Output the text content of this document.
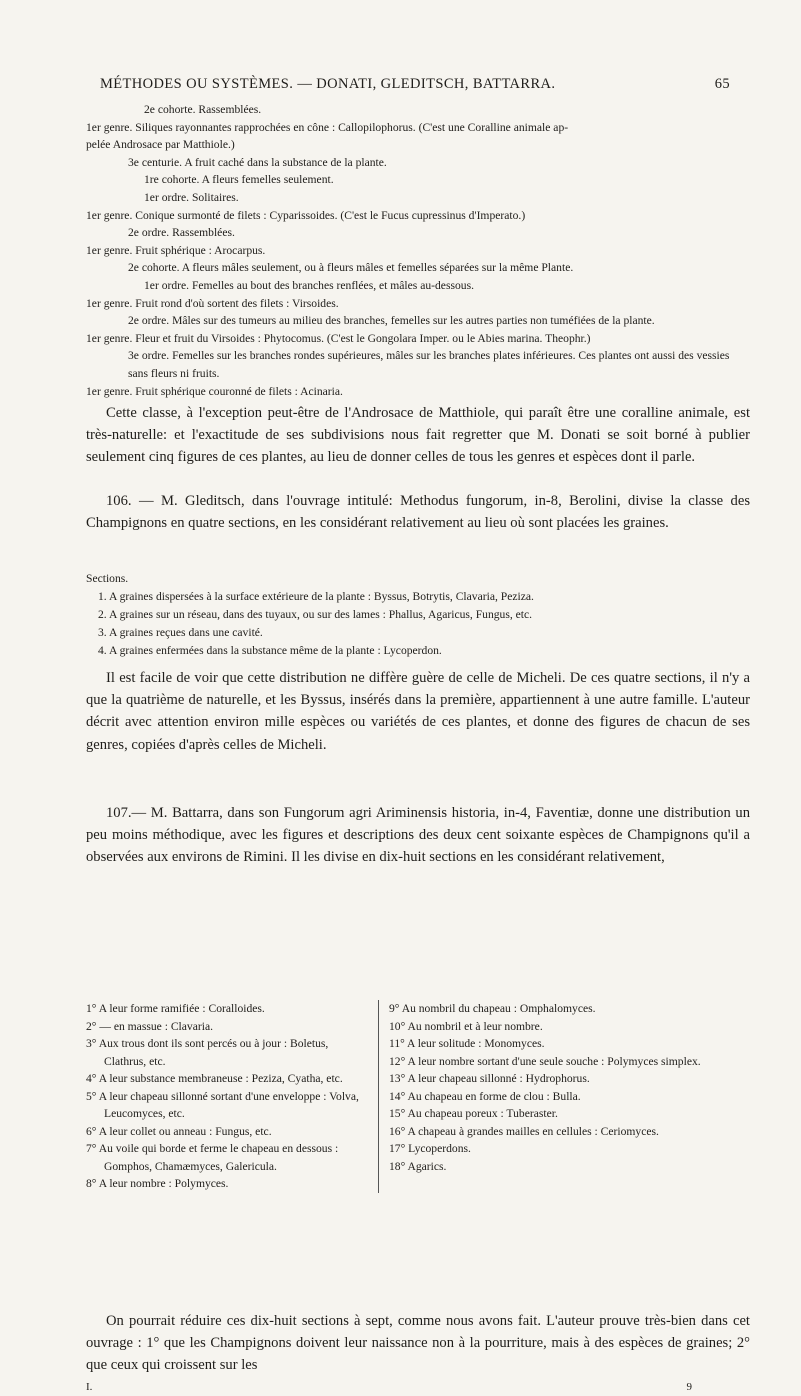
MÉTHODES OU SYSTÈMES. — DONATI, GLEDITSCH, BATTARRA.	65
2e cohorte. Rassemblées.
1er genre. Siliques rayonnantes rapprochées en cône : Callopilophorus. (C'est une Coralline animale ap-
pelée Androsace par Matthiole.)
3e centurie. A fruit caché dans la substance de la plante.
1re cohorte. A fleurs femelles seulement.
1er ordre. Solitaires.
1er genre. Conique surmonté de filets : Cyparissoides. (C'est le Fucus cupressinus d'Imperato.)
2e ordre. Rassemblées.
1er genre. Fruit sphérique : Arocarpus.
2e cohorte. A fleurs mâles seulement, ou à fleurs mâles et femelles séparées sur la même Plante.
1er ordre. Femelles au bout des branches renflées, et mâles au-dessous.
1er genre. Fruit rond d'où sortent des filets : Virsoides.
2e ordre. Mâles sur des tumeurs au milieu des branches, femelles sur les autres parties non tuméfiées de la plante.
1er genre. Fleur et fruit du Virsoides : Phytocomus. (C'est le Gongolara Imper. ou le Abies marina. Theophr.)
3e ordre. Femelles sur les branches rondes supérieures, mâles sur les branches plates inférieures. Ces plantes ont aussi des vessies sans fleurs ni fruits.
1er genre. Fruit sphérique couronné de filets : Acinaria.

Cette classe, à l'exception peut-être de l'Androsace de Matthiole, qui paraît être une coralline animale, est très-naturelle: et l'exactitude de ses subdivisions nous fait regretter que M. Donati se soit borné à publier seulement cinq figures de ces plantes, au lieu de donner celles de tous les genres et espèces dont il parle.

106. — M. Gleditsch, dans l'ouvrage intitulé: Methodus fungorum, in-8, Berolini, divise la classe des Champignons en quatre sections, en les considérant relativement au lieu où sont placées les graines.

Sections.
1. A graines dispersées à la surface extérieure de la plante : Byssus, Botrytis, Clavaria, Peziza.
2. A graines sur un réseau, dans des tuyaux, ou sur des lames : Phallus, Agaricus, Fungus, etc.
3. A graines reçues dans une cavité.
4. A graines enfermées dans la substance même de la plante : Lycoperdon.

Il est facile de voir que cette distribution ne diffère guère de celle de Micheli. De ces quatre sections, il n'y a que la quatrième de naturelle, et les Byssus, insérés dans la première, appartiennent à une autre famille. L'auteur décrit avec attention environ mille espèces ou variétés de ces plantes, et donne des figures de chacun de ses genres, copiées d'après celles de Micheli.

107.— M. Battarra, dans son Fungorum agri Ariminensis historia, in-4, Faventiæ, donne une distribution un peu moins méthodique, avec les figures et descriptions des deux cent soixante espèces de Champignons qu'il a observées aux environs de Rimini. Il les divise en dix-huit sections en les considérant relativement,

1° A leur forme ramifiée : Coralloides.
2° — en massue : Clavaria.
3° Aux trous dont ils sont percés ou à jour : Boletus, Clathrus, etc.
4° A leur substance membraneuse : Peziza, Cyatha, etc.
5° A leur chapeau sillonné sortant d'une enveloppe : Volva, Leucomyces, etc.
6° A leur collet ou anneau : Fungus, etc.
7° Au voile qui borde et ferme le chapeau en dessous : Gomphos, Chamæmyces, Galericula.
8° A leur nombre : Polymyces.
9° Au nombril du chapeau : Omphalomyces.
10° Au nombril et à leur nombre.
11° A leur solitude : Monomyces.
12° A leur nombre sortant d'une seule souche : Polymyces simplex.
13° A leur chapeau sillonné : Hydrophorus.
14° Au chapeau en forme de clou : Bulla.
15° Au chapeau poreux : Tuberaster.
16° A chapeau à grandes mailles en cellules : Ceriomyces.
17° Lycoperdons.
18° Agarics.

On pourrait réduire ces dix-huit sections à sept, comme nous avons fait. L'auteur prouve très-bien dans cet ouvrage : 1° que les Champignons doivent leur naissance non à la pourriture, mais à des espèces de graines; 2° que ceux qui croissent sur les

I.	9
